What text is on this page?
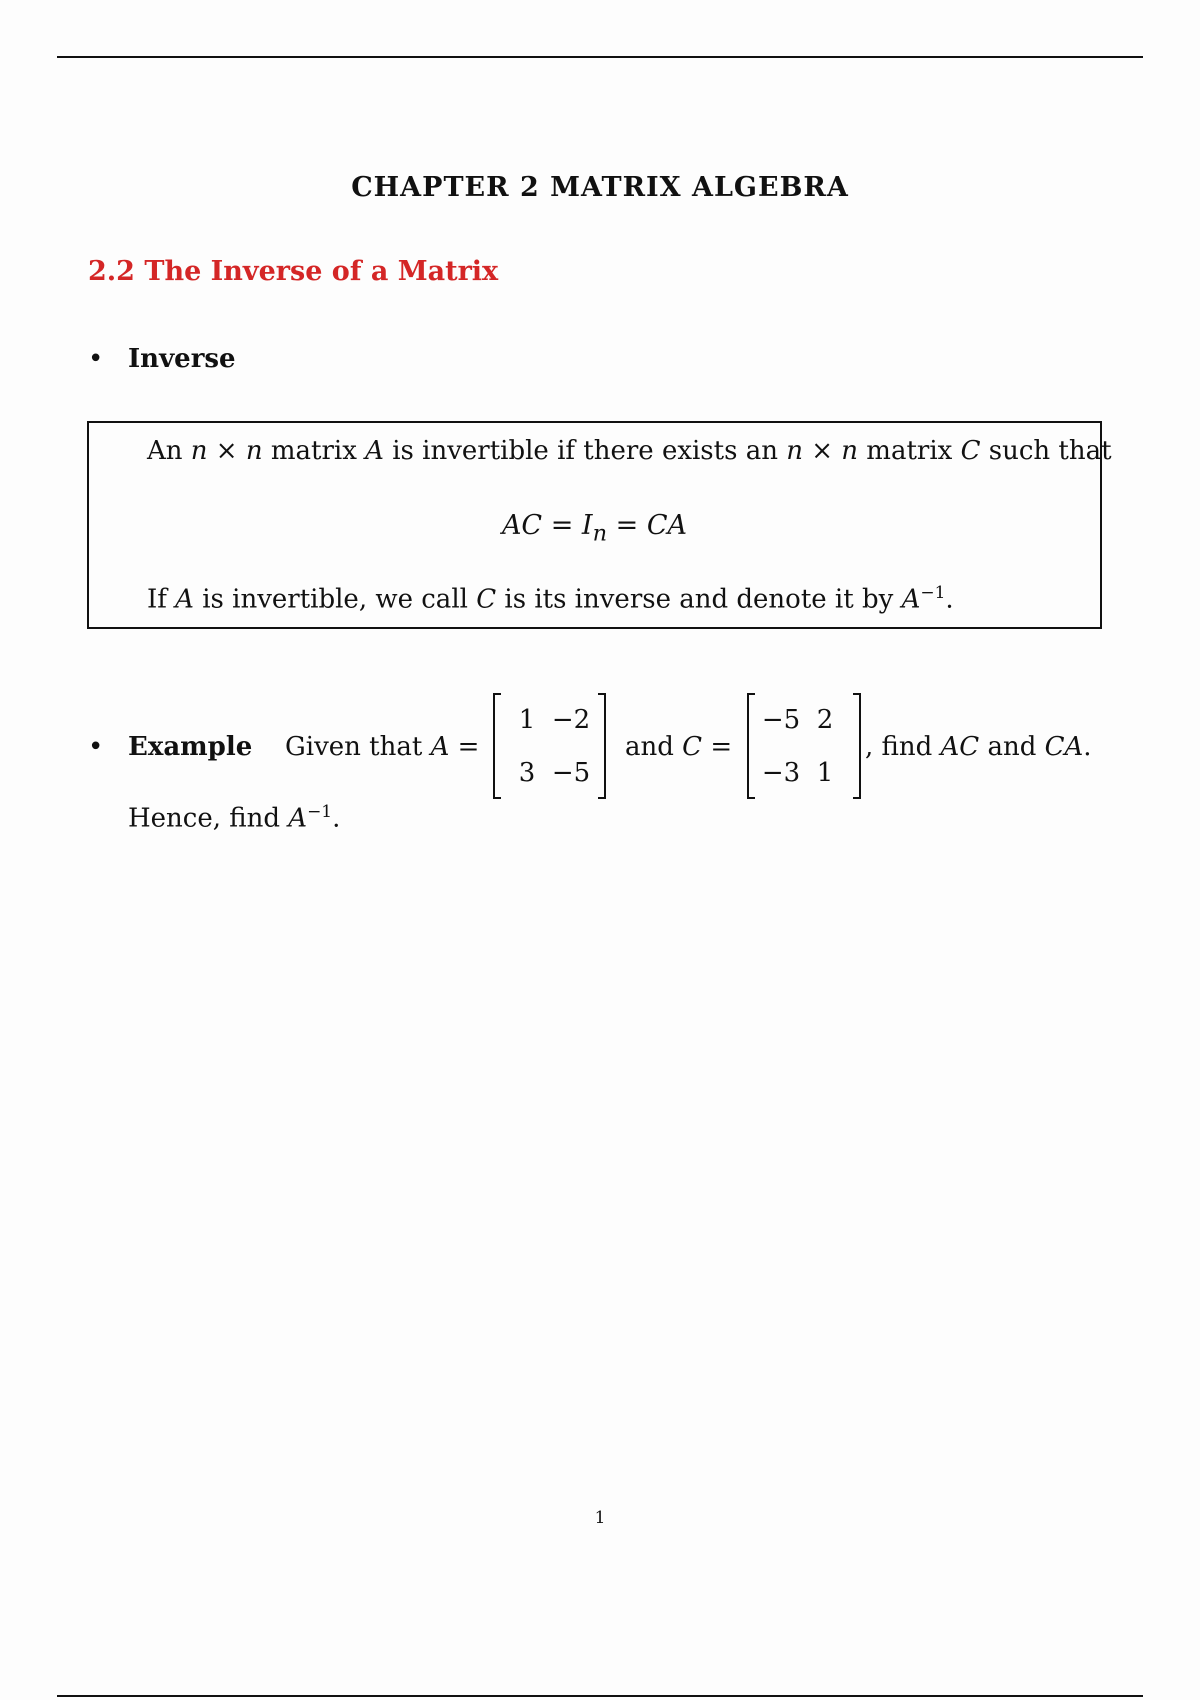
CHAPTER 2 MATRIX ALGEBRA
2.2 The Inverse of a Matrix
• Inverse
An n × n matrix A is invertible if there exists an n × n matrix C such that
AC = $I_n$ = CA
If A is invertible, we call C is its inverse and denote it by $A^{-1}$.
• Example Given that A =
1 −2
3 −5
and C =
−5 2
−3 1
, find AC and CA.
Hence, find $A^{-1}$.
1
